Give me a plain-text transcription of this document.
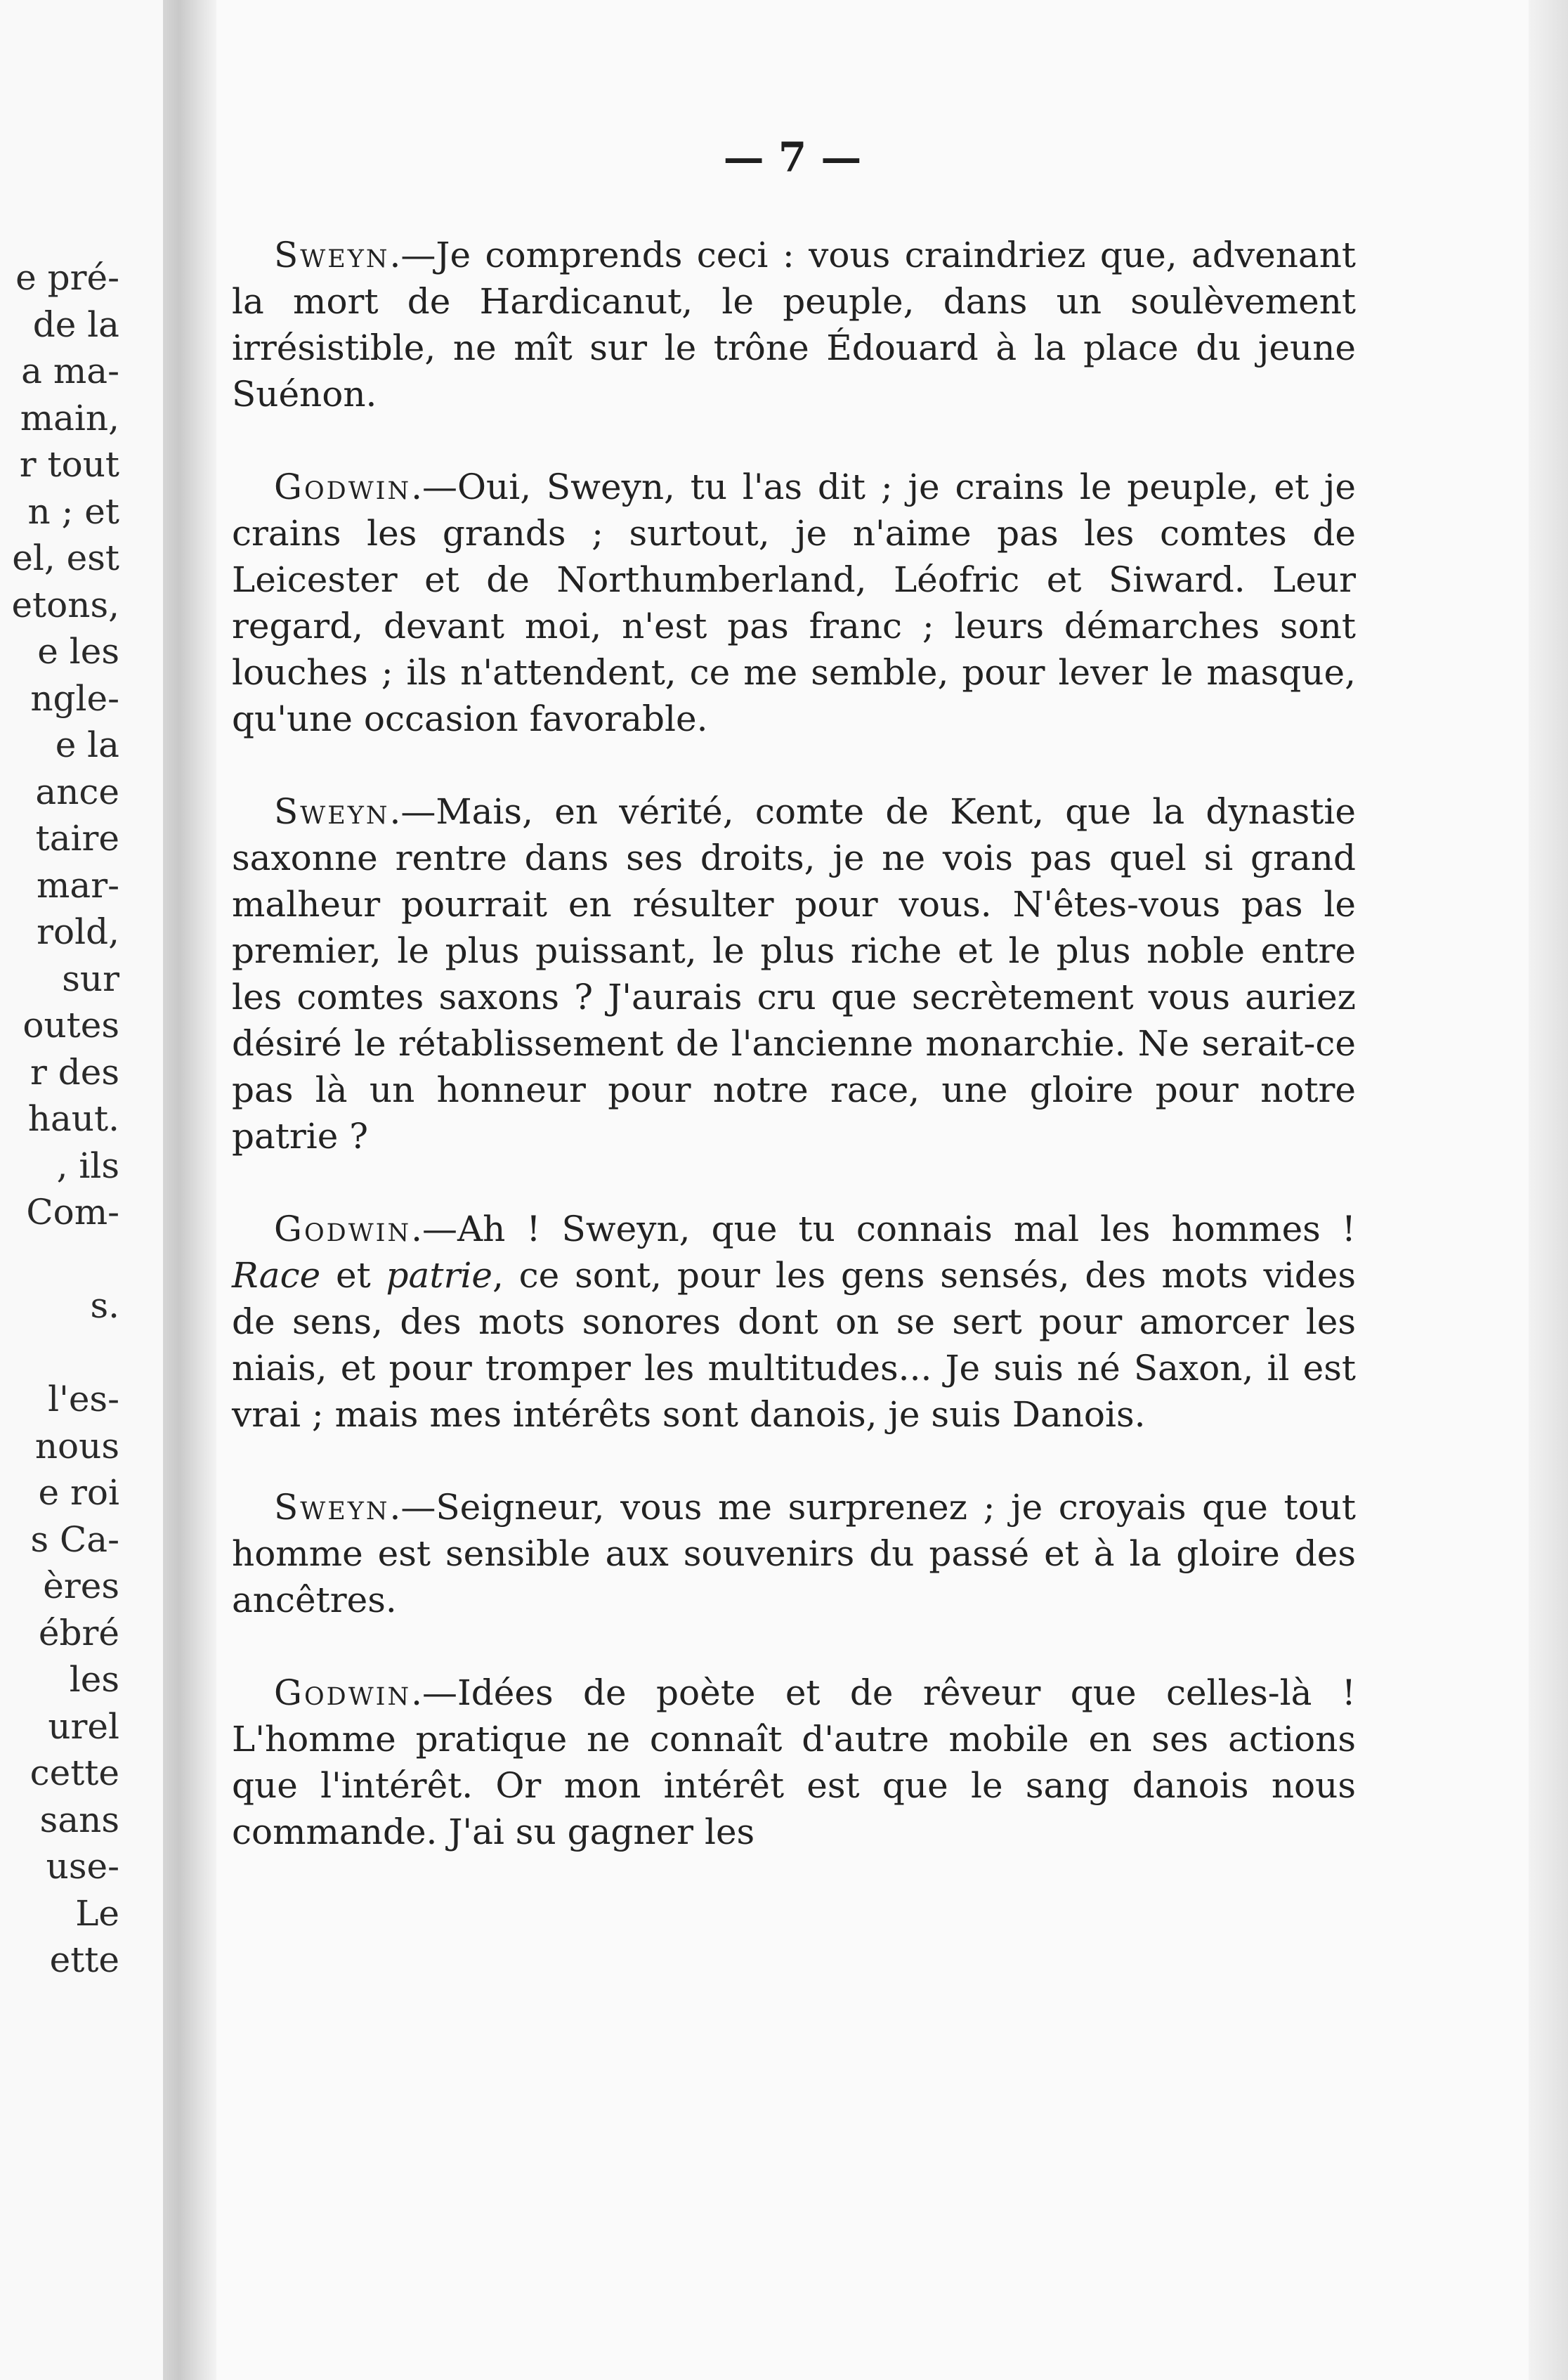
e pré-
de la
a ma-
main,
r tout
n ; et
el, est
etons,
e les
ngle-
e la
ance
taire
mar-
rold,
sur
outes
r des
haut.
, ils
Com-
s.
l'es-
nous
e roi
s Ca-
ères
ébré
les
urel
cette
sans
use-
Le
ette
— 7 —

Sweyn.—Je comprends ceci : vous craindriez que, advenant la mort de Hardicanut, le peuple, dans un soulèvement irrésistible, ne mît sur le trône Édouard à la place du jeune Suénon.

Godwin.—Oui, Sweyn, tu l'as dit ; je crains le peuple, et je crains les grands ; surtout, je n'aime pas les comtes de Leicester et de Northumberland, Léofric et Siward. Leur regard, devant moi, n'est pas franc ; leurs démarches sont louches ; ils n'attendent, ce me semble, pour lever le masque, qu'une occasion favorable.

Sweyn.—Mais, en vérité, comte de Kent, que la dynastie saxonne rentre dans ses droits, je ne vois pas quel si grand malheur pourrait en résulter pour vous. N'êtes-vous pas le premier, le plus puissant, le plus riche et le plus noble entre les comtes saxons ? J'aurais cru que secrètement vous auriez désiré le rétablissement de l'ancienne monarchie. Ne serait-ce pas là un honneur pour notre race, une gloire pour notre patrie ?

Godwin.—Ah ! Sweyn, que tu connais mal les hommes ! Race et patrie, ce sont, pour les gens sensés, des mots vides de sens, des mots sonores dont on se sert pour amorcer les niais, et pour tromper les multitudes... Je suis né Saxon, il est vrai ; mais mes intérêts sont danois, je suis Danois.

Sweyn.—Seigneur, vous me surprenez ; je croyais que tout homme est sensible aux souvenirs du passé et à la gloire des ancêtres.

Godwin.—Idées de poète et de rêveur que celles-là ! L'homme pratique ne connaît d'autre mobile en ses actions que l'intérêt. Or mon intérêt est que le sang danois nous commande. J'ai su gagner les
